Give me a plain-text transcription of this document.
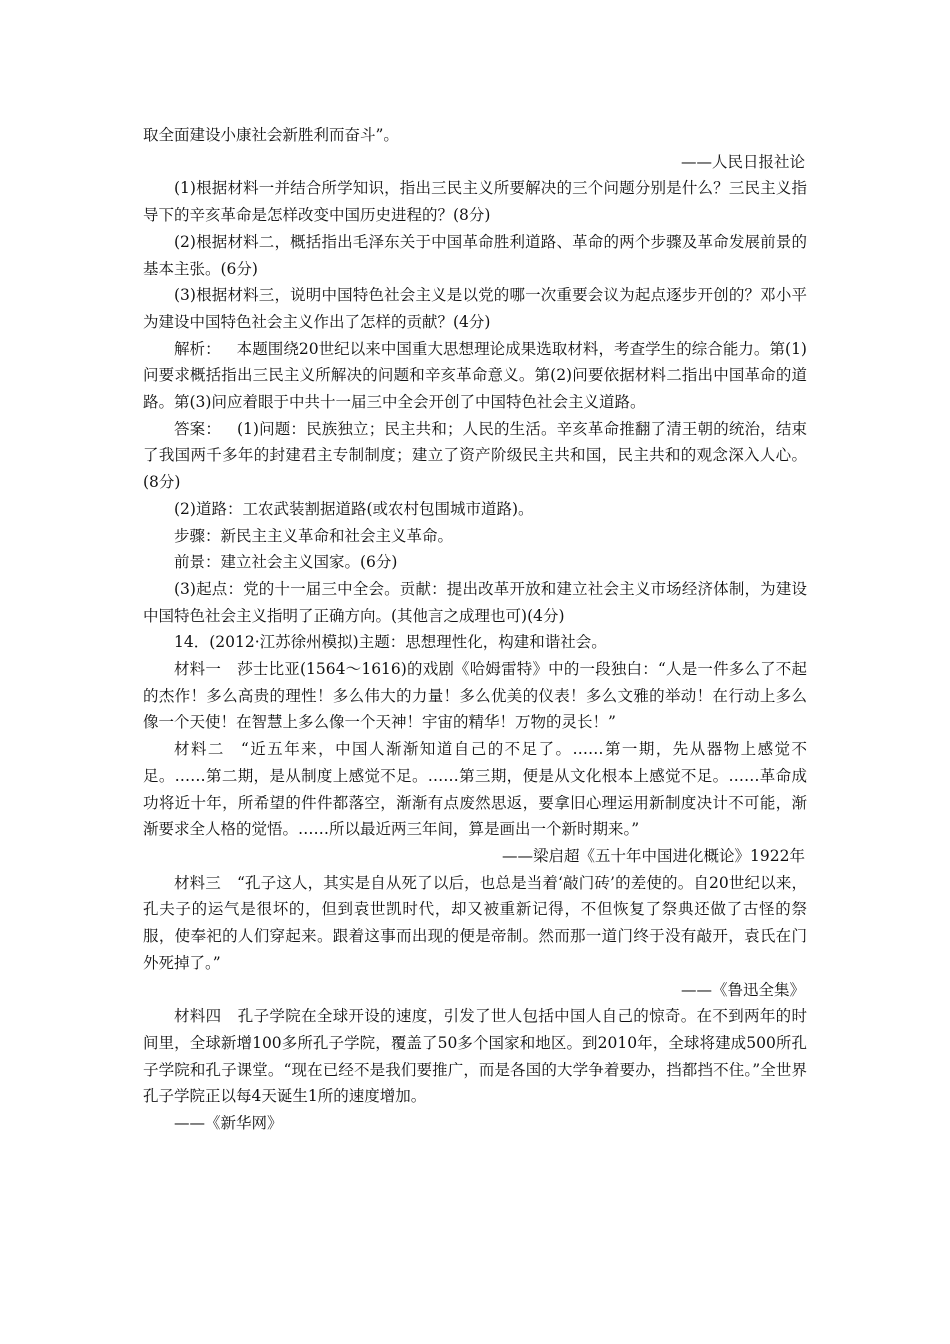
取全面建设小康社会新胜利而奋斗”。

——人民日报社论

(1)根据材料一并结合所学知识，指出三民主义所要解决的三个问题分别是什么？三民主义指导下的辛亥革命是怎样改变中国历史进程的？(8分)

(2)根据材料二，概括指出毛泽东关于中国革命胜利道路、革命的两个步骤及革命发展前景的基本主张。(6分)

(3)根据材料三，说明中国特色社会主义是以党的哪一次重要会议为起点逐步开创的？邓小平为建设中国特色社会主义作出了怎样的贡献？(4分)

解析： 本题围绕20世纪以来中国重大思想理论成果选取材料，考查学生的综合能力。第(1)问要求概括指出三民主义所解决的问题和辛亥革命意义。第(2)问要依据材料二指出中国革命的道路。第(3)问应着眼于中共十一届三中全会开创了中国特色社会主义道路。

答案： (1)问题：民族独立；民主共和；人民的生活。辛亥革命推翻了清王朝的统治，结束了我国两千多年的封建君主专制制度；建立了资产阶级民主共和国，民主共和的观念深入人心。(8分)

(2)道路：工农武装割据道路(或农村包围城市道路)。

步骤：新民主主义革命和社会主义革命。

前景：建立社会主义国家。(6分)

(3)起点：党的十一届三中全会。贡献：提出改革开放和建立社会主义市场经济体制，为建设中国特色社会主义指明了正确方向。(其他言之成理也可)(4分)

14．(2012·江苏徐州模拟)主题：思想理性化，构建和谐社会。

材料一 莎士比亚(1564～1616)的戏剧《哈姆雷特》中的一段独白：“人是一件多么了不起的杰作！多么高贵的理性！多么伟大的力量！多么优美的仪表！多么文雅的举动！在行动上多么像一个天使！在智慧上多么像一个天神！宇宙的精华！万物的灵长！”

材料二 “近五年来，中国人渐渐知道自己的不足了。……第一期，先从器物上感觉不足。……第二期，是从制度上感觉不足。……第三期，便是从文化根本上感觉不足。……革命成功将近十年，所希望的件件都落空，渐渐有点废然思返，要拿旧心理运用新制度决计不可能，渐渐要求全人格的觉悟。……所以最近两三年间，算是画出一个新时期来。”

——梁启超《五十年中国进化概论》1922年

材料三 “孔子这人，其实是自从死了以后，也总是当着‘敲门砖’的差使的。自20世纪以来，孔夫子的运气是很坏的，但到袁世凯时代，却又被重新记得，不但恢复了祭典还做了古怪的祭服，使奉祀的人们穿起来。跟着这事而出现的便是帝制。然而那一道门终于没有敲开，袁氏在门外死掉了。”

——《鲁迅全集》

材料四 孔子学院在全球开设的速度，引发了世人包括中国人自己的惊奇。在不到两年的时间里，全球新增100多所孔子学院，覆盖了50多个国家和地区。到2010年，全球将建成500所孔子学院和孔子课堂。“现在已经不是我们要推广，而是各国的大学争着要办，挡都挡不住。”全世界孔子学院正以每4天诞生1所的速度增加。

——《新华网》
